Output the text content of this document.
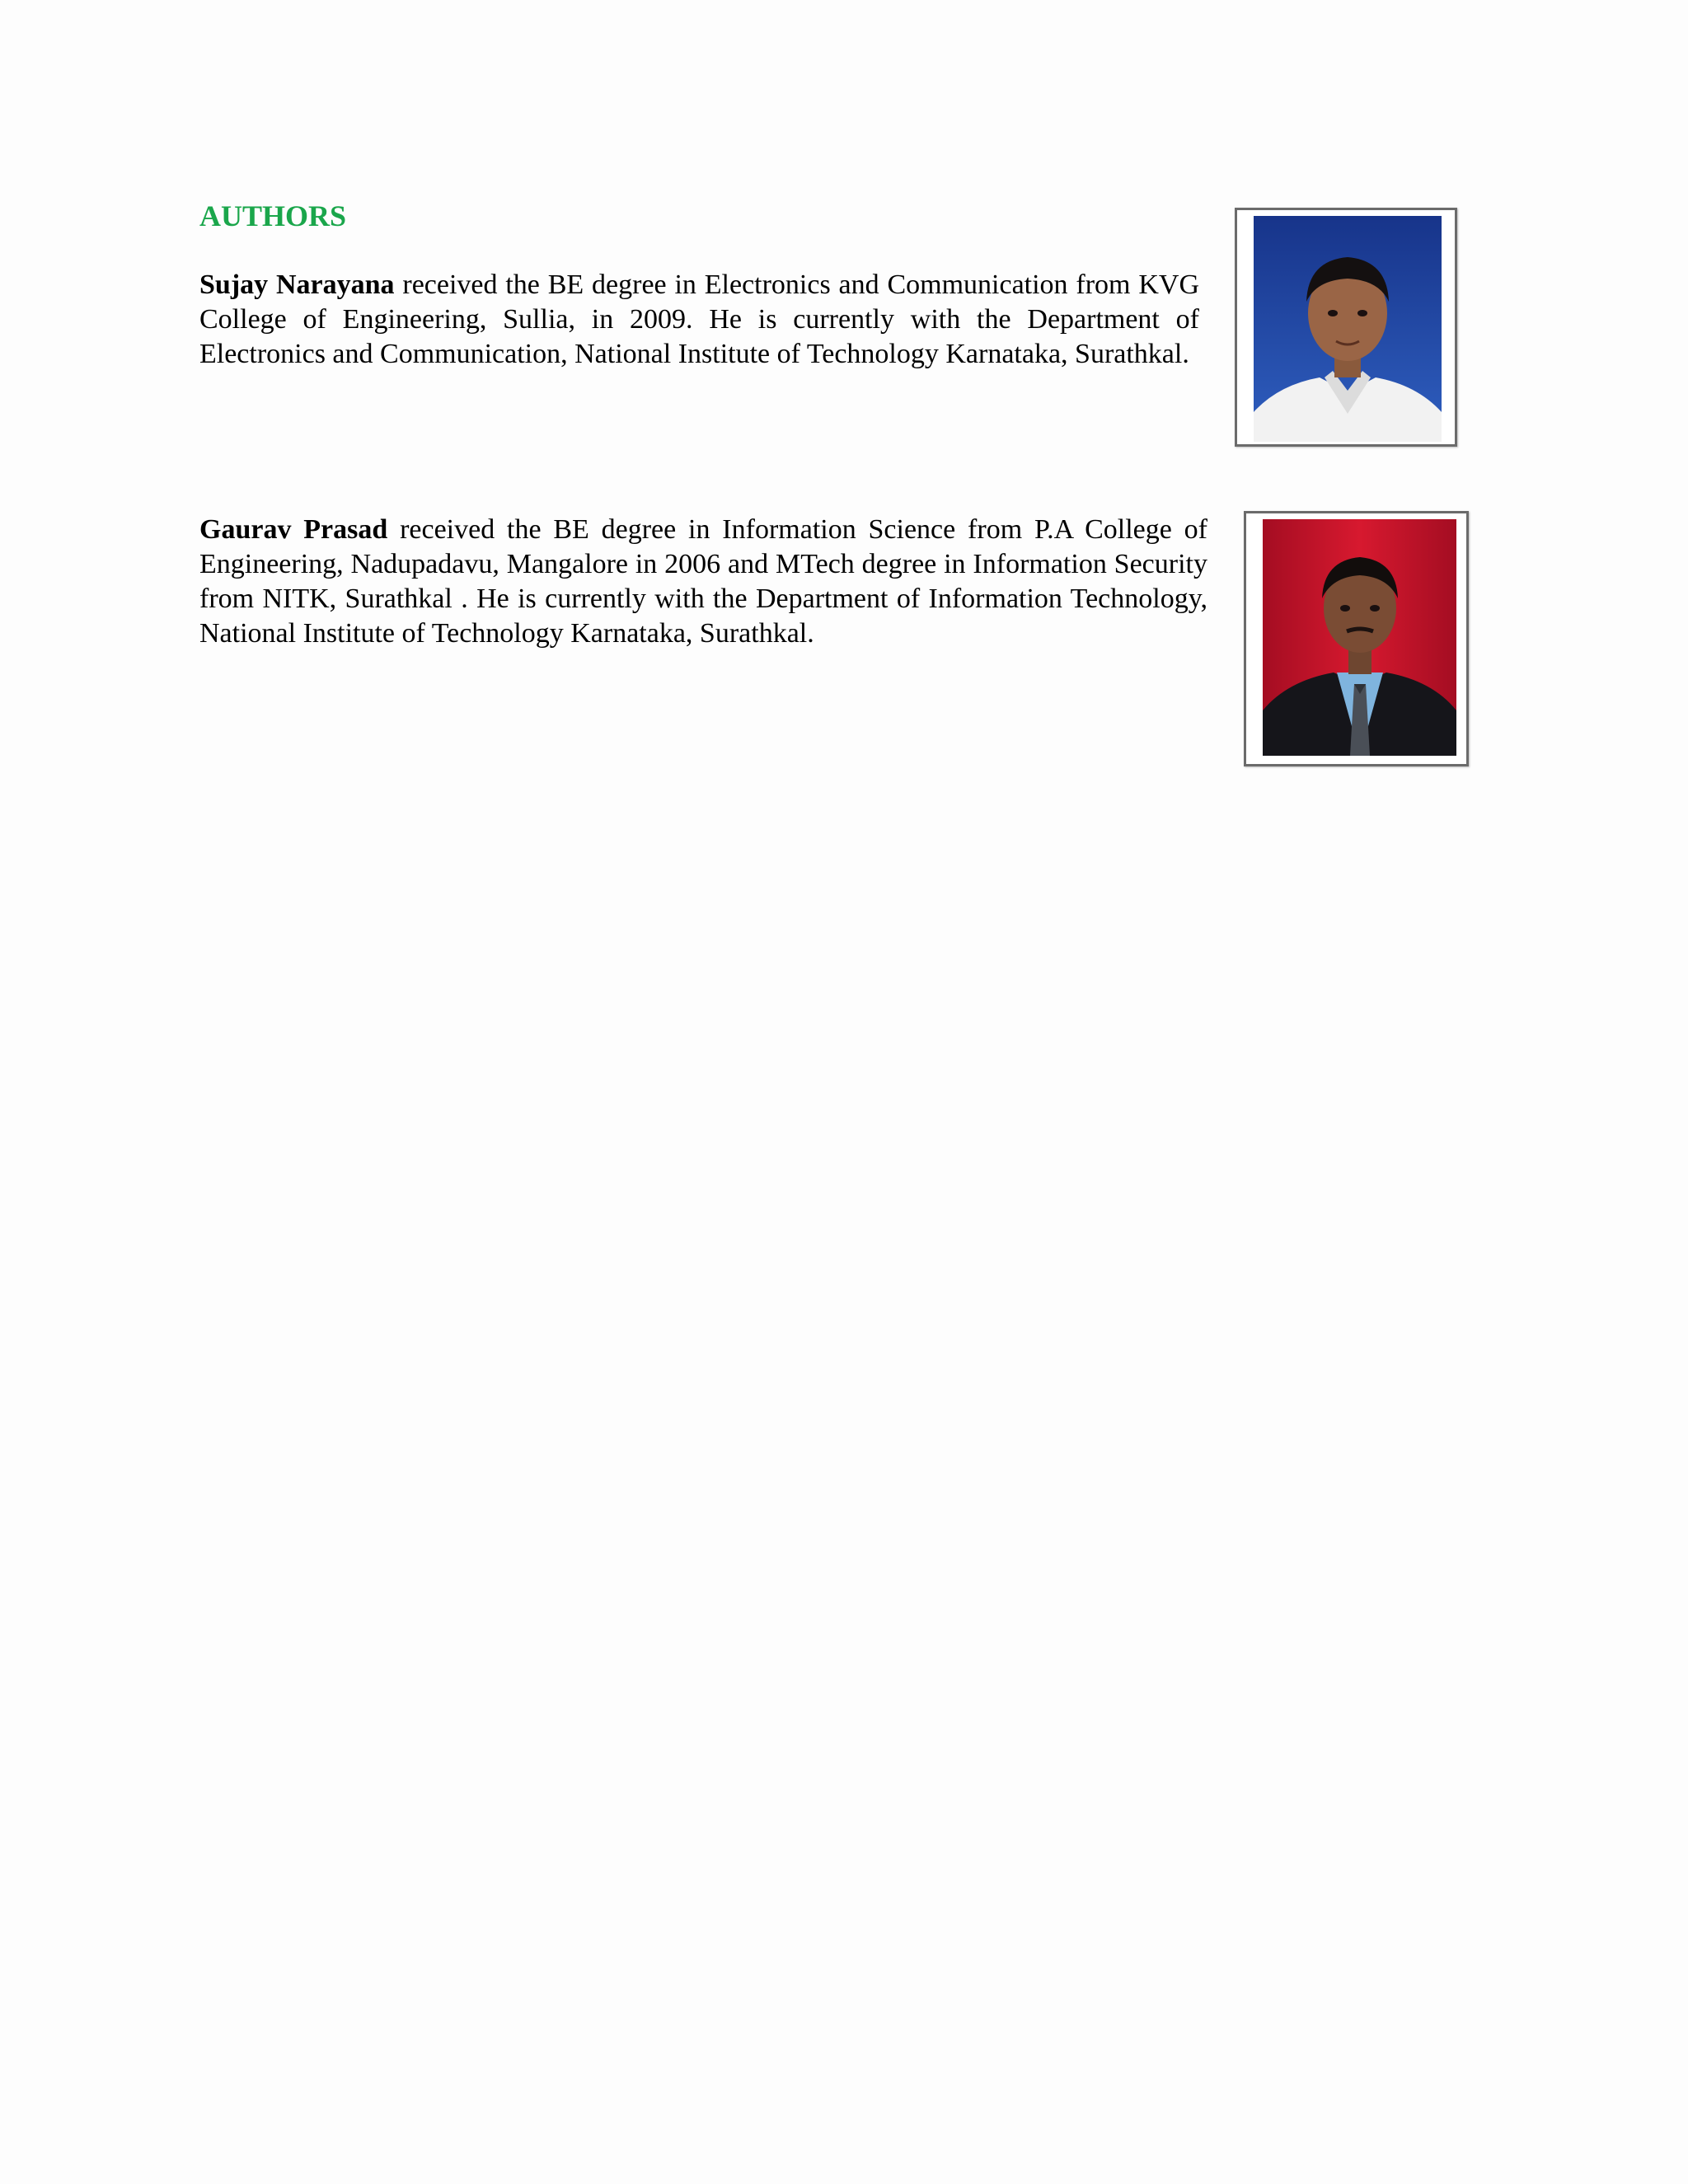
AUTHORS

Sujay Narayana received the BE degree in Electronics and Communication from KVG College of Engineering, Sullia, in 2009. He is currently with the Department of Electronics and Communication, National Institute of Technology Karnataka, Surathkal.

Gaurav Prasad received the BE degree in Information Science from P.A College of Engineering, Nadupadavu, Mangalore in 2006 and MTech degree in Information Security from NITK, Surathkal . He is currently with the Department of Information Technology, National Institute of Technology Karnataka, Surathkal.
